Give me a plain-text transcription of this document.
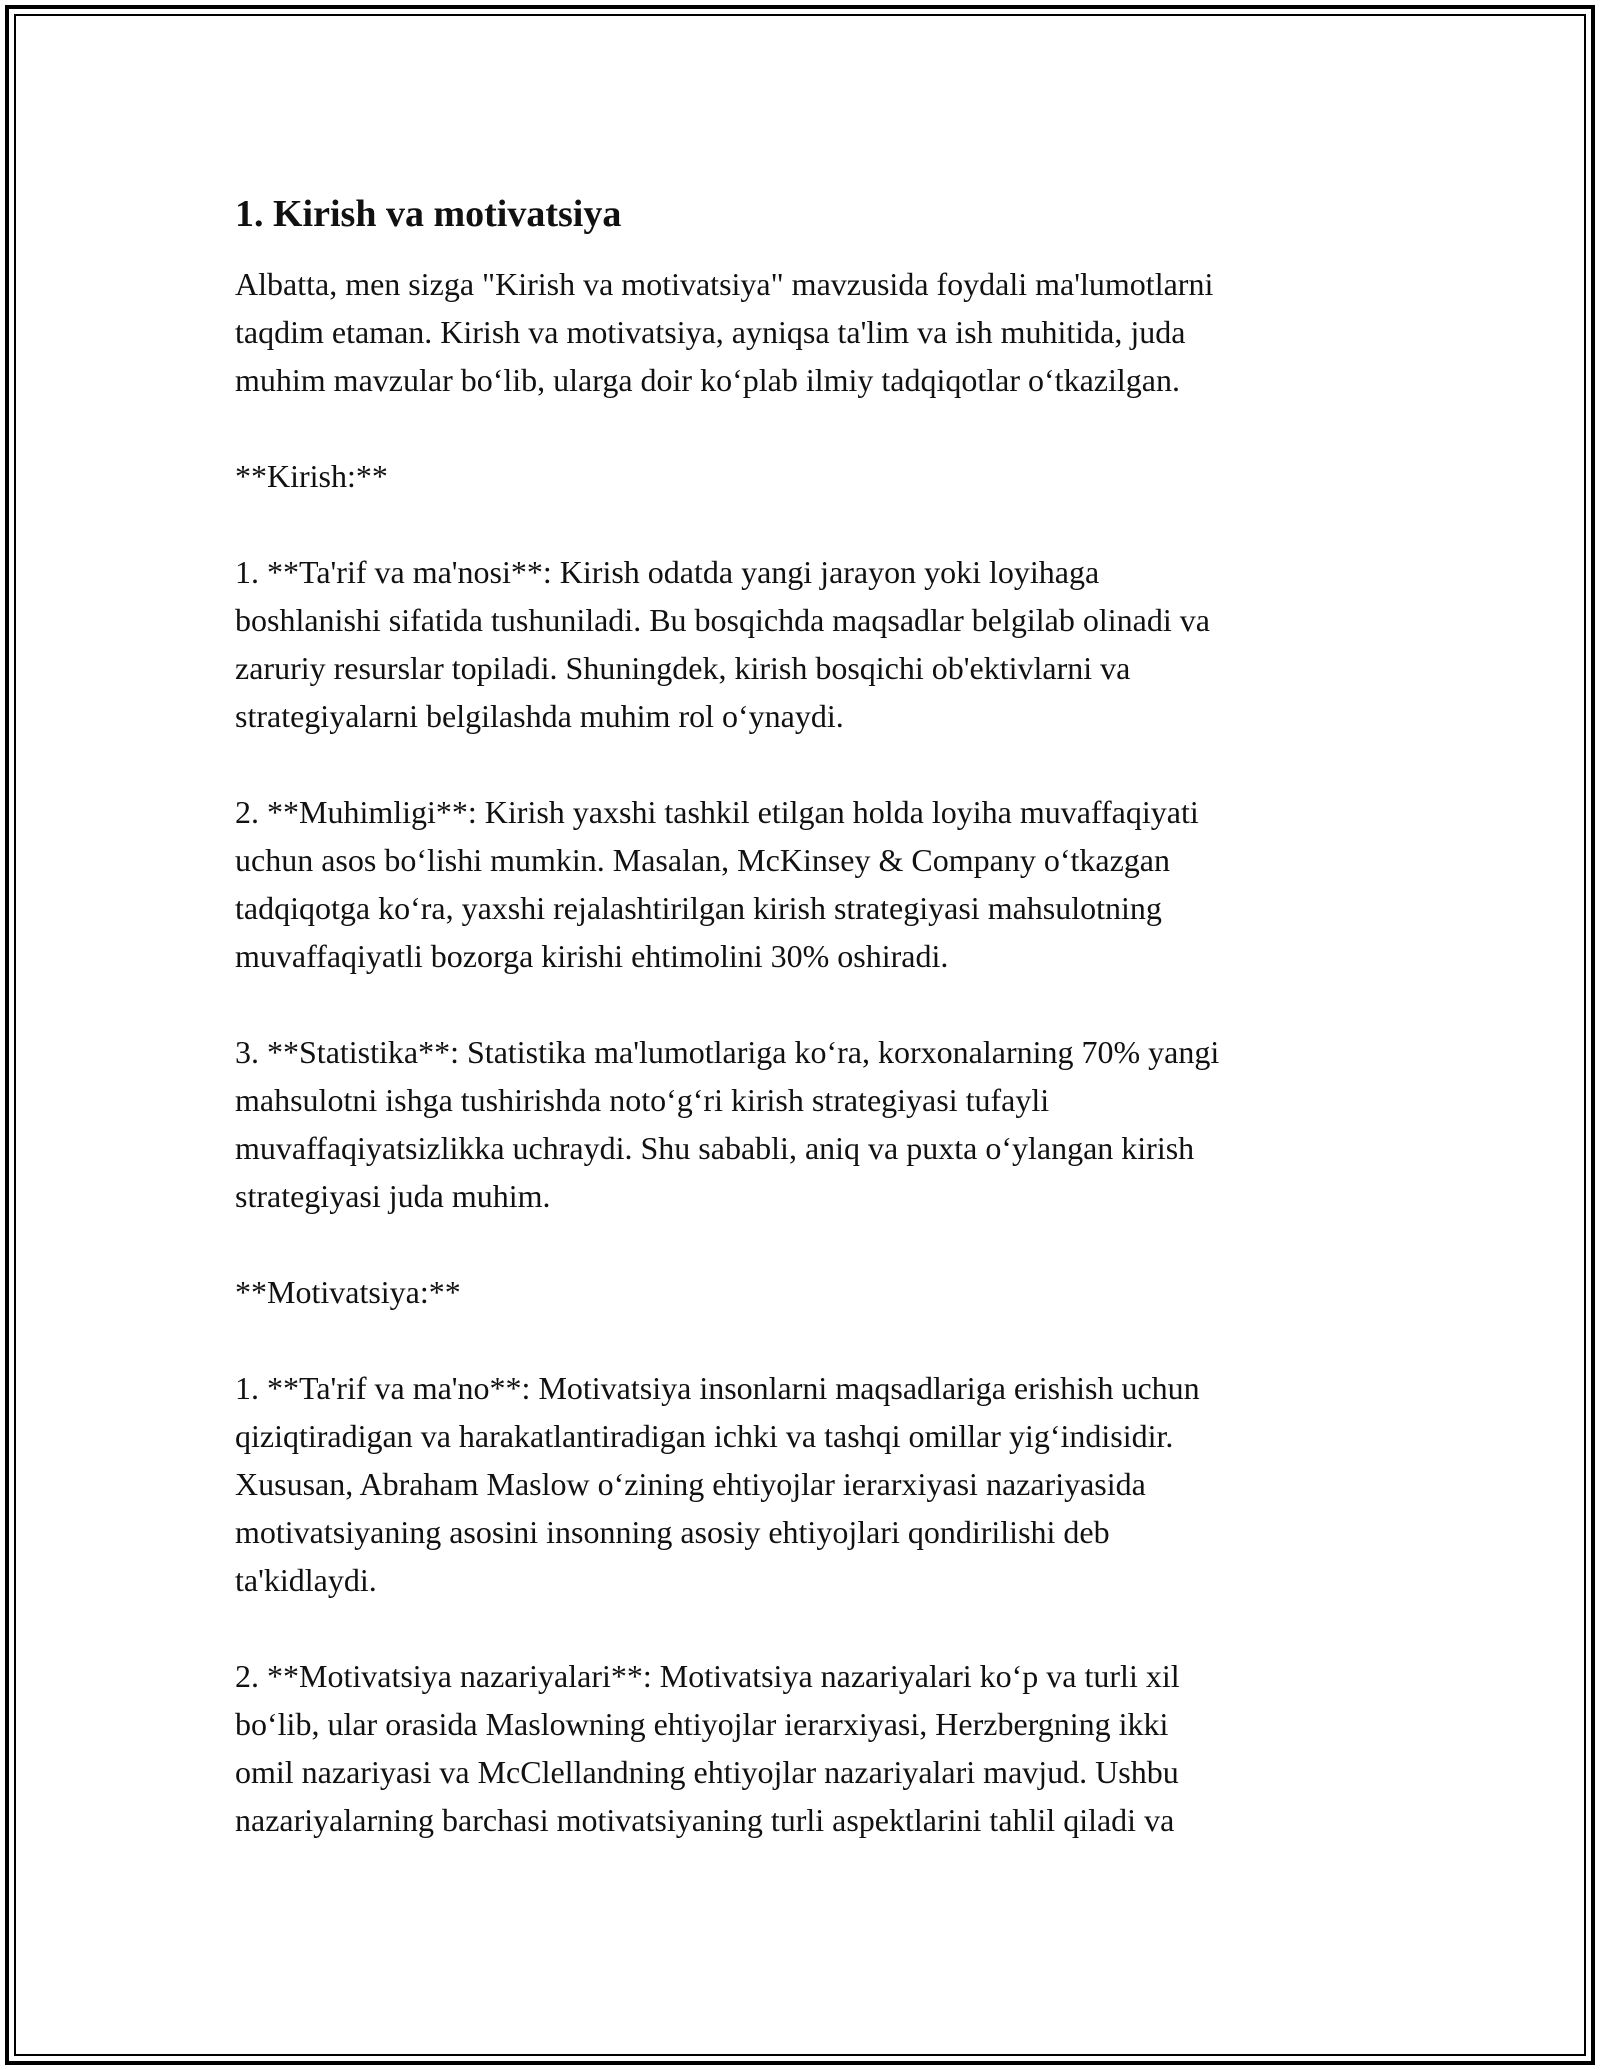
1. Kirish va motivatsiya

Albatta, men sizga "Kirish va motivatsiya" mavzusida foydali ma'lumotlarni
taqdim etaman. Kirish va motivatsiya, ayniqsa ta'lim va ish muhitida, juda
muhim mavzular boʻlib, ularga doir koʻplab ilmiy tadqiqotlar oʻtkazilgan.

**Kirish:**

1. **Ta'rif va ma'nosi**: Kirish odatda yangi jarayon yoki loyihaga
boshlanishi sifatida tushuniladi. Bu bosqichda maqsadlar belgilab olinadi va
zaruriy resurslar topiladi. Shuningdek, kirish bosqichi ob'ektivlarni va
strategiyalarni belgilashda muhim rol oʻynaydi.

2. **Muhimligi**: Kirish yaxshi tashkil etilgan holda loyiha muvaffaqiyati
uchun asos boʻlishi mumkin. Masalan, McKinsey & Company oʻtkazgan
tadqiqotga koʻra, yaxshi rejalashtirilgan kirish strategiyasi mahsulotning
muvaffaqiyatli bozorga kirishi ehtimolini 30% oshiradi.

3. **Statistika**: Statistika ma'lumotlariga koʻra, korxonalarning 70% yangi
mahsulotni ishga tushirishda notoʻgʻri kirish strategiyasi tufayli
muvaffaqiyatsizlikka uchraydi. Shu sababli, aniq va puxta oʻylangan kirish
strategiyasi juda muhim.

**Motivatsiya:**

1. **Ta'rif va ma'no**: Motivatsiya insonlarni maqsadlariga erishish uchun
qiziqtiradigan va harakatlantiradigan ichki va tashqi omillar yigʻindisidir.
Xususan, Abraham Maslow oʻzining ehtiyojlar ierarxiyasi nazariyasida
motivatsiyaning asosini insonning asosiy ehtiyojlari qondirilishi deb
ta'kidlaydi.

2. **Motivatsiya nazariyalari**: Motivatsiya nazariyalari koʻp va turli xil
boʻlib, ular orasida Maslowning ehtiyojlar ierarxiyasi, Herzbergning ikki
omil nazariyasi va McClellandning ehtiyojlar nazariyalari mavjud. Ushbu
nazariyalarning barchasi motivatsiyaning turli aspektlarini tahlil qiladi va
